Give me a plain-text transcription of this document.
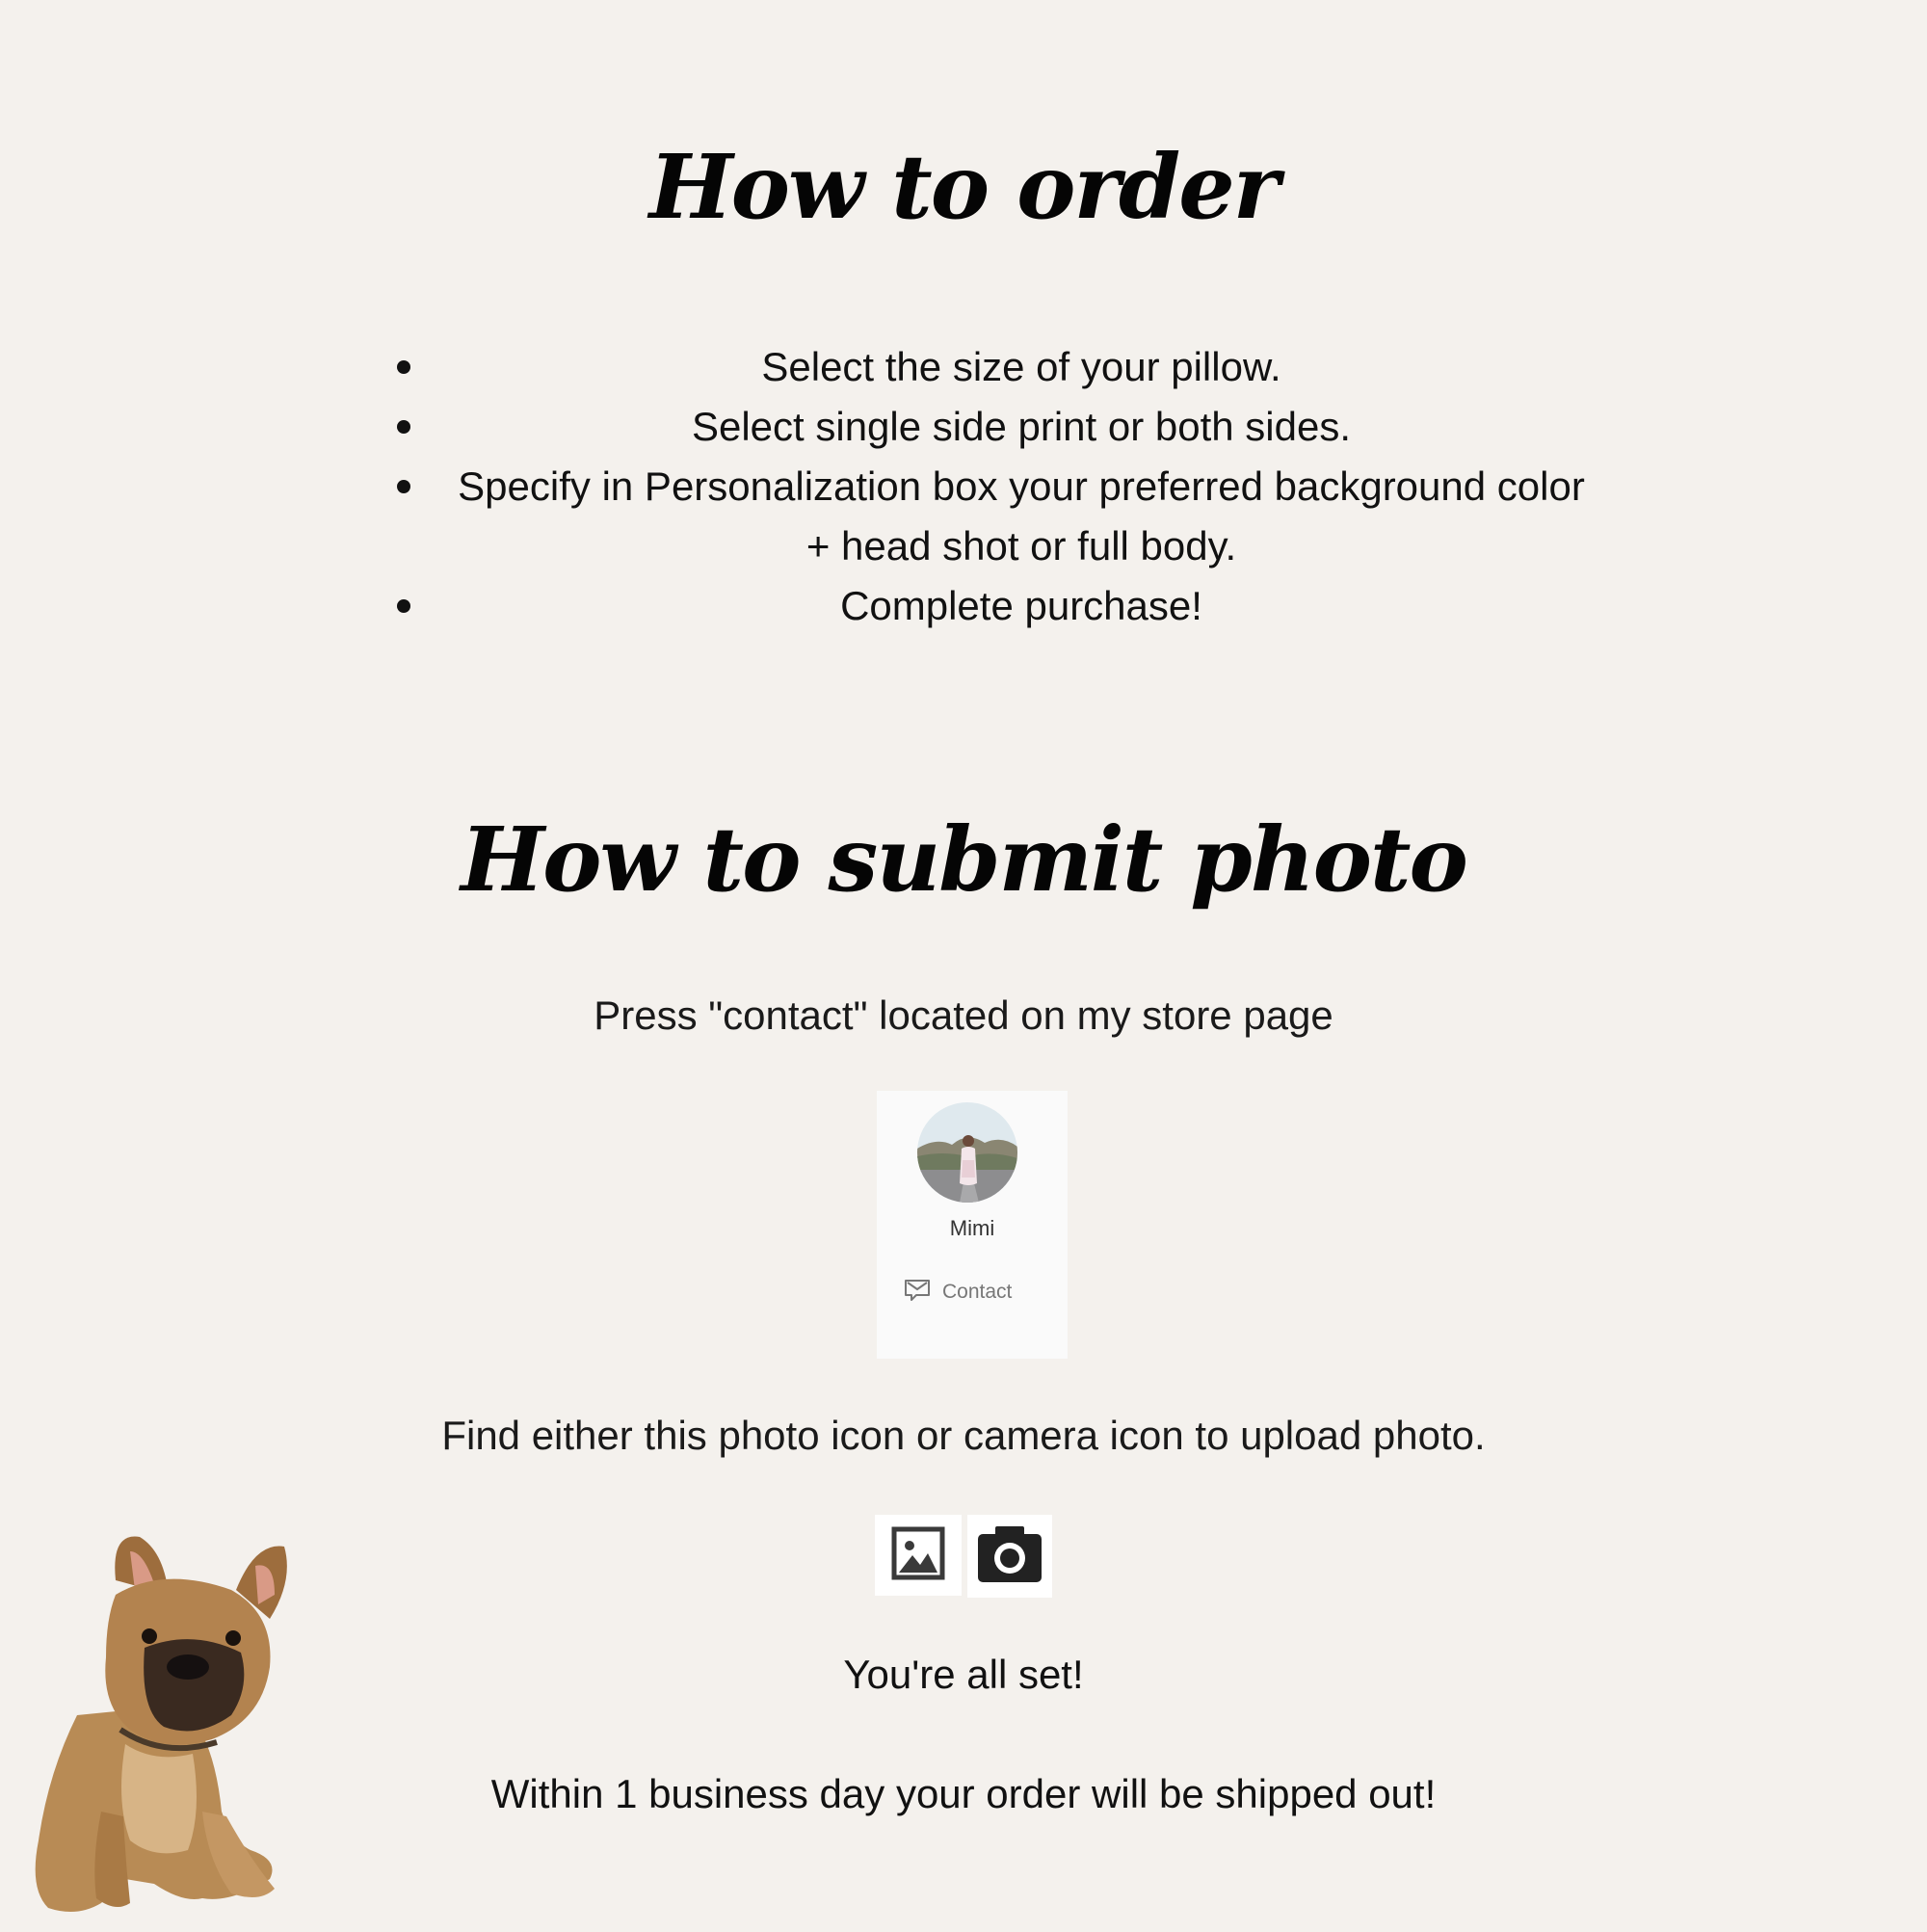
How to order
Select the size of your pillow.
Select single side print or both sides.
Specify in Personalization box your preferred background color + head shot or full body.
Complete purchase!
How to submit photo

Press "contact" located on my store page

Mimi
Contact

Find either this photo icon or camera icon to upload photo.

You're all set!

Within 1 business day your order will be shipped out!
